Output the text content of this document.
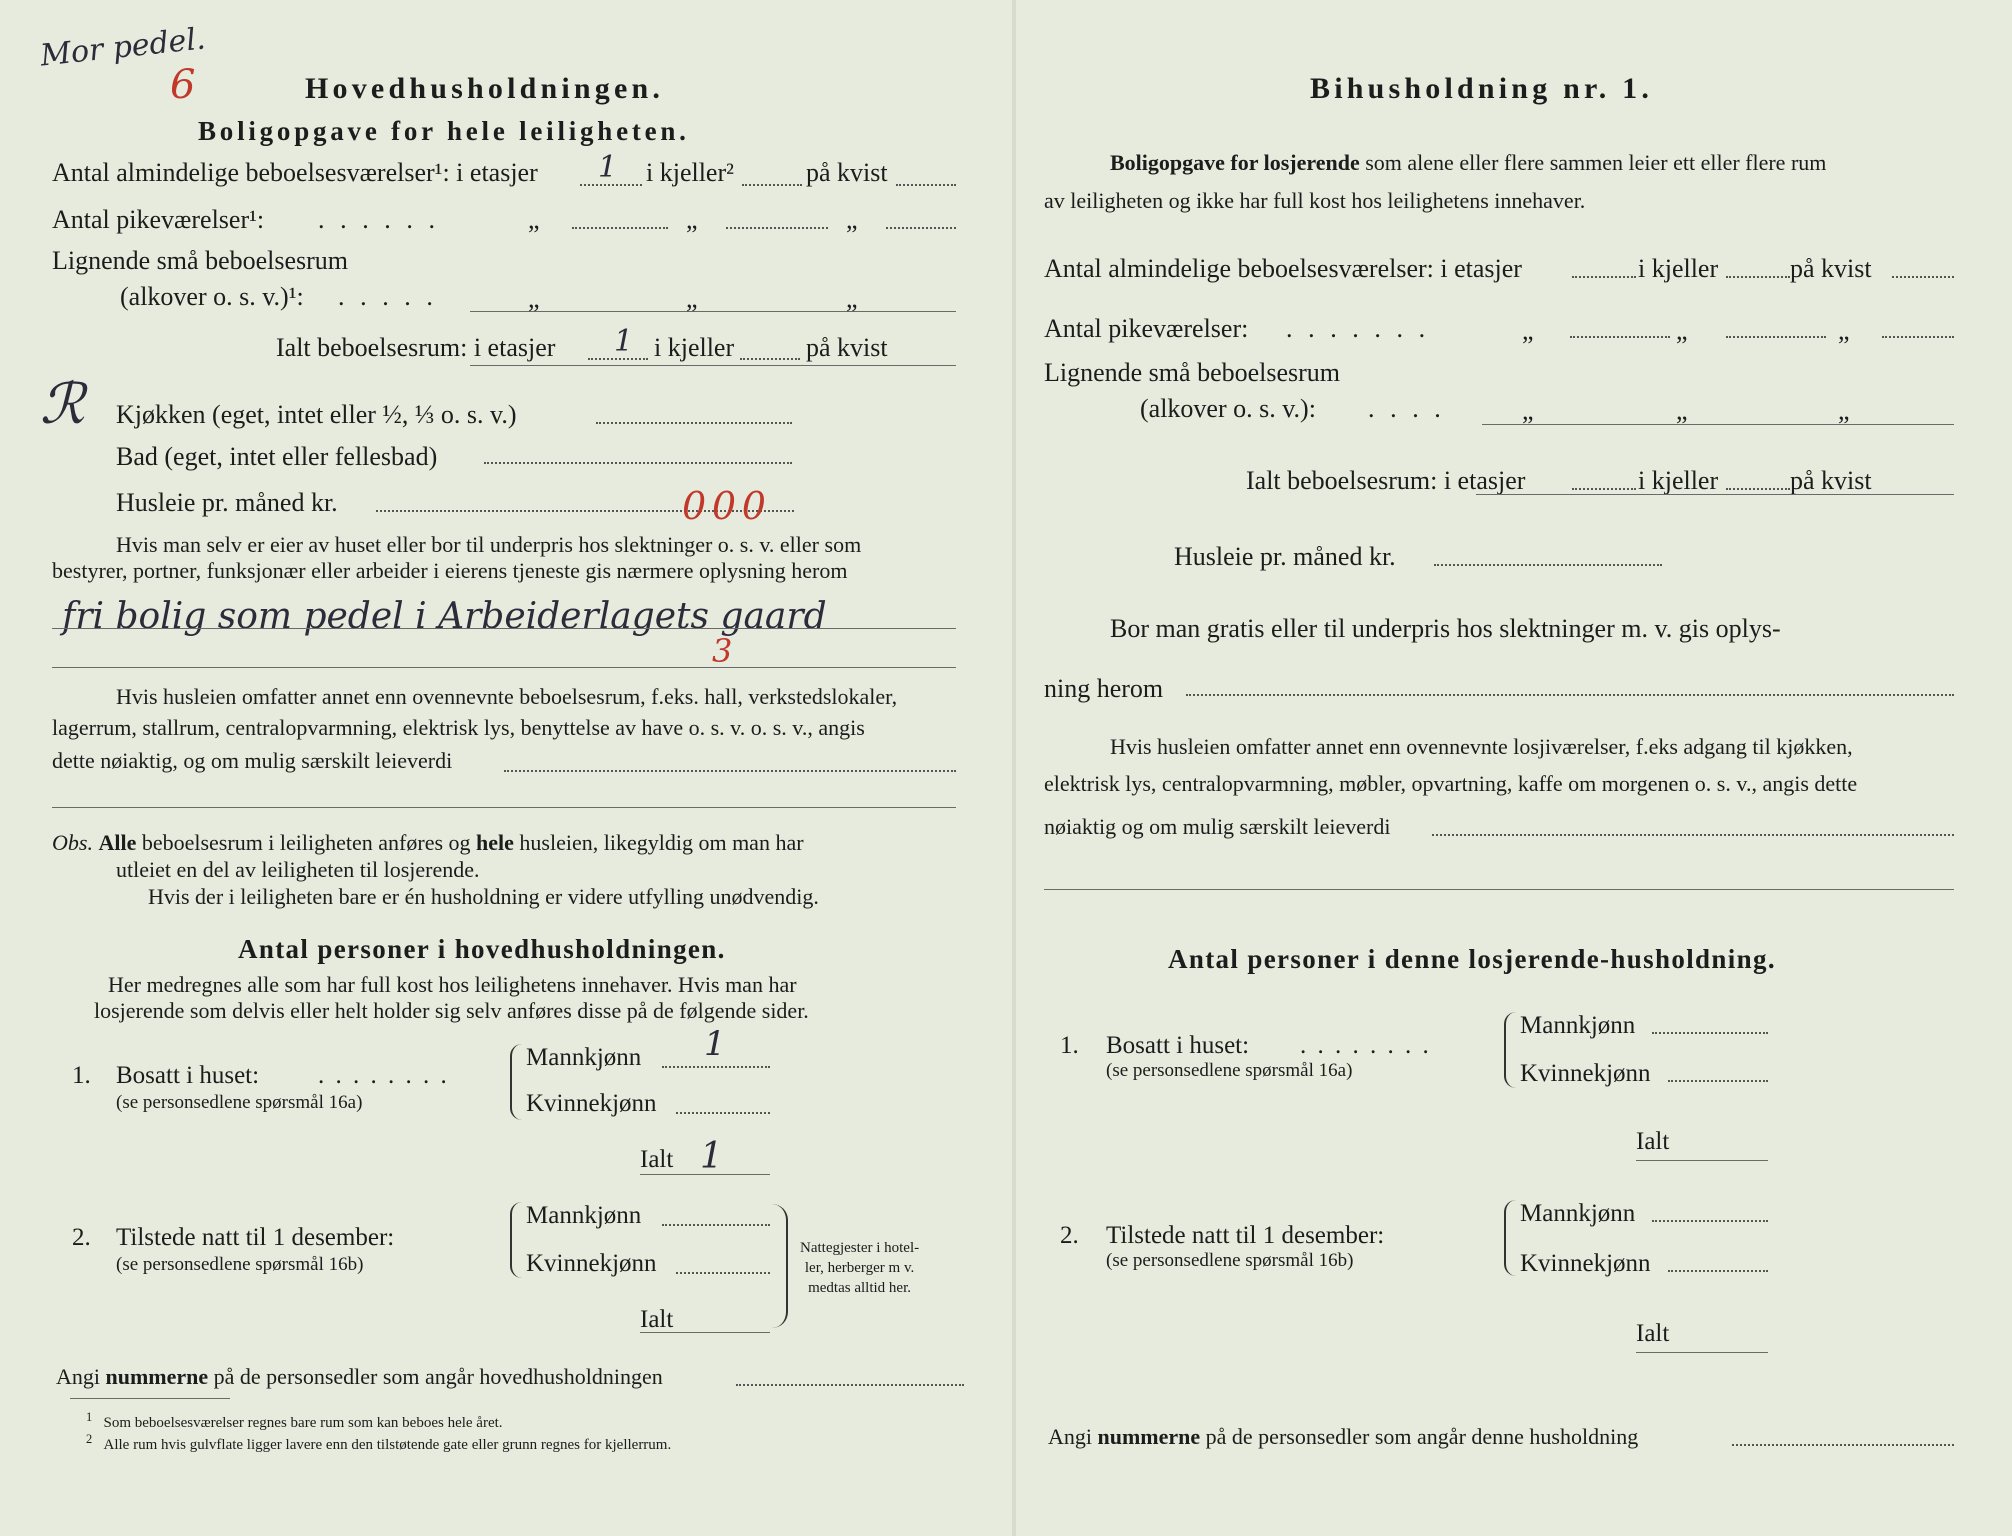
Mor pedel.
6	Hovedhusholdningen.
Boligopgave for hele leiligheten.
Antal almindelige beboelsesværelser¹: i etasjer 1 i kjeller²	på kvist
Antal pikeværelser¹: ......	„	„	„
Lignende små beboelsesrum
(alkover o. s. v.)¹: .....	„	„	„
Ialt beboelsesrum: i etasjer 1 i kjeller	på kvist
ℛ Kjøkken (eget, intet eller ½, ⅓ o. s. v.)
Bad (eget, intet eller fellesbad)
Husleie pr. måned kr.	000
Hvis man selv er eier av huset eller bor til underpris hos slektninger o. s. v. eller som
bestyrer, portner, funksjonær eller arbeider i eierens tjeneste gis nærmere oplysning herom
fri bolig som pedel i Arbeiderlagets gaard
3
Hvis husleien omfatter annet enn ovennevnte beboelsesrum, f.eks. hall, verkstedslokaler,
lagerrum, stallrum, centralopvarmning, elektrisk lys, benyttelse av have o. s. v. o. s. v., angis
dette nøiaktig, og om mulig særskilt leieverdi
Obs. Alle beboelsesrum i leiligheten anføres og hele husleien, likegyldig om man har
utleiet en del av leiligheten til losjerende.
Hvis der i leiligheten bare er én husholdning er videre utfylling unødvendig.
Antal personer i hovedhusholdningen.
Her medregnes alle som har full kost hos leilighetens innehaver. Hvis man har
losjerende som delvis eller helt holder sig selv anføres disse på de følgende sider.
1. Bosatt i huset: ........
(se personsedlene spørsmål 16a)
Mannkjønn 1
Kvinnekjønn
Ialt 1
2. Tilstede natt til 1 desember:
(se personsedlene spørsmål 16b)
Mannkjønn
Kvinnekjønn
Ialt
Nattegjester i hotel-
ler, herberger m v.
medtas alltid her.
Angi nummerne på de personsedler som angår hovedhusholdningen
$^1$ Som beboelsesværelser regnes bare rum som kan beboes hele året.
$^2$ Alle rum hvis gulvflate ligger lavere enn den tilstøtende gate eller grunn regnes for kjellerrum.
Bihusholdning nr. 1.
Boligopgave for losjerende som alene eller flere sammen leier ett eller flere rum
av leiligheten og ikke har full kost hos leilighetens innehaver.
Antal almindelige beboelsesværelser: i etasjer	i kjeller	på kvist
Antal pikeværelser: .......	„	„	„
Lignende små beboelsesrum
(alkover o. s. v.): ....	„	„	„
Ialt beboelsesrum: i etasjer	i kjeller	på kvist
Husleie pr. måned kr.
Bor man gratis eller til underpris hos slektninger m. v. gis oplys-
ning herom
Hvis husleien omfatter annet enn ovennevnte losjiværelser, f.eks adgang til kjøkken,
elektrisk lys, centralopvarmning, møbler, opvartning, kaffe om morgenen o. s. v., angis dette
nøiaktig og om mulig særskilt leieverdi
Antal personer i denne losjerende-husholdning.
1. Bosatt i huset: ........
(se personsedlene spørsmål 16a)
Mannkjønn
Kvinnekjønn
Ialt
2. Tilstede natt til 1 desember:
(se personsedlene spørsmål 16b)
Mannkjønn
Kvinnekjønn
Ialt
Angi nummerne på de personsedler som angår denne husholdning
